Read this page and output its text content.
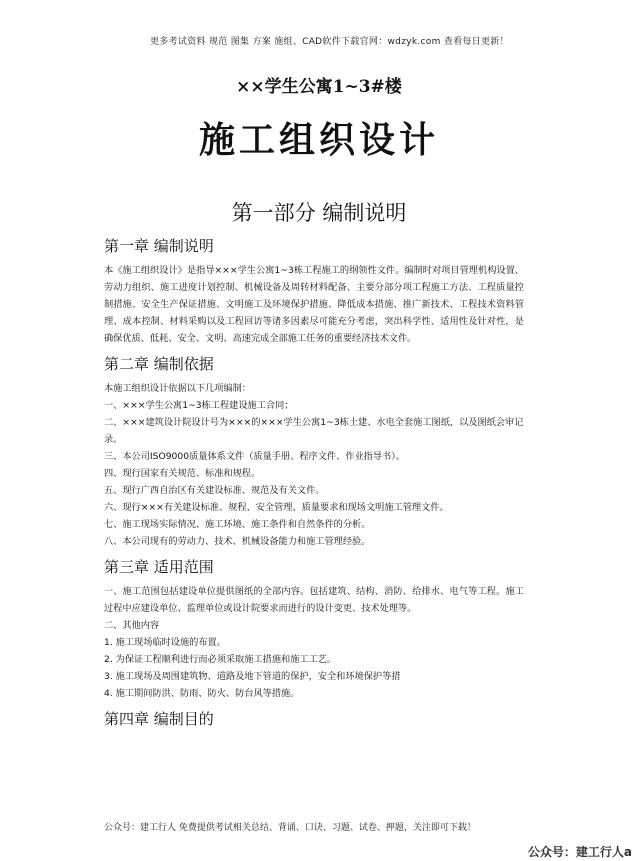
更多考试资料 规范 图集 方案 施组、CAD软件下载官网：wdzyk.com 查看每日更新！
××学生公寓1~3#楼
施工组织设计
第一部分 编制说明
第一章 编制说明

本《施工组织设计》是指导×××学生公寓1~3栋工程施工的纲领性文件。编制时对项目管理机构设置、劳动力组织、施工进度计划控制、机械设备及周转材料配备、主要分部分项工程施工方法、工程质量控制措施、安全生产保证措施、文明施工及环境保护措施、降低成本措施、推广新技术、工程技术资料管理、成本控制、材料采购以及工程回访等诸多因素尽可能充分考虑，突出科学性、适用性及针对性，是确保优质、低耗、安全、文明、高速完成全部施工任务的重要经济技术文件。

第二章 编制依据
本施工组织设计依据以下几项编制：
一、×××学生公寓1~3栋工程建设施工合同；
二、×××建筑设计院设计号为×××的×××学生公寓1~3栋土建、水电全套施工图纸，以及图纸会审记录。
三、本公司ISO9000质量体系文件（质量手册、程序文件、作业指导书）。
四、现行国家有关规范、标准和规程。
五、现行广西自治区有关建设标准、规范及有关文件。
六、现行×××有关建设标准、规程、安全管理、质量要求和现场文明施工管理文件。
七、施工现场实际情况、施工环境、施工条件和自然条件的分析。
八、本公司现有的劳动力、技术、机械设备能力和施工管理经验。
第三章 适用范围

一、施工范围包括建设单位提供图纸的全部内容。包括建筑、结构、消防、给排水、电气等工程。施工过程中应建设单位、监理单位或设计院要求而进行的设计变更、技术处理等。

二、其他内容
1. 施工现场临时设施的布置。
2. 为保证工程顺利进行而必须采取施工措施和施工工艺。
3. 施工现场及周围建筑物、道路及地下管道的保护，安全和环境保护等措
4. 施工期间防洪、防雨、防火、防台风等措施。
第四章 编制目的
公众号：建工行人 免费提供考试相关总结、背诵、口诀、习题、试卷、押题，关注即可下载！
公众号：建工行人a
